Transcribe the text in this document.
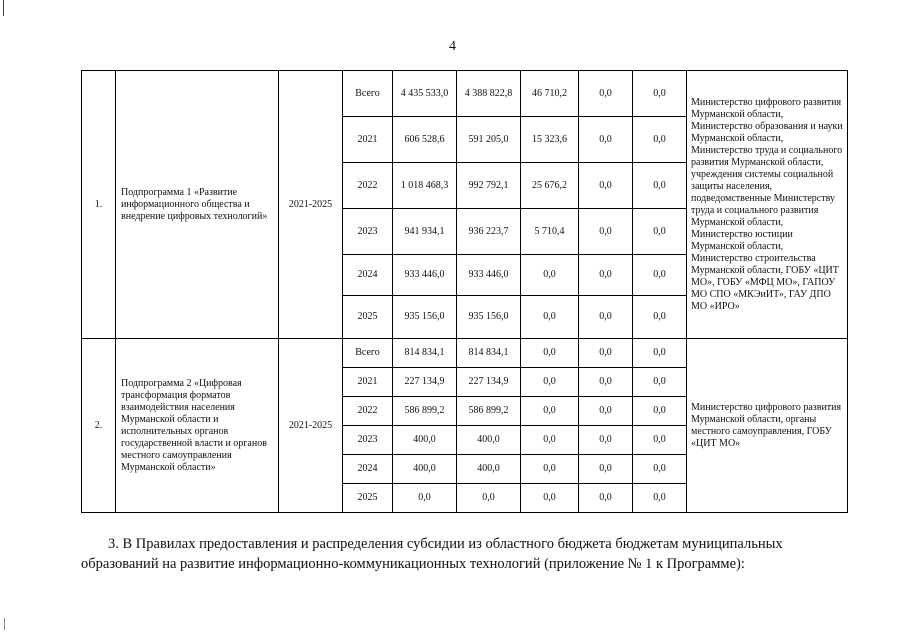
4
1.	Подпрограмма 1 «Развитие информационного общества и внедрение цифровых технологий»	2021-2025	Всего	4 435 533,0	4 388 822,8	46 710,2	0,0	0,0	Министерство цифрового развития Мурманской области, Министерство образования и науки Мурманской области, Министерство труда и социального развития Мурманской области, учреждения системы социальной защиты населения, подведомственные Министерству труда и социального развития Мурманской области, Министерство юстиции Мурманской области, Министерство строительства Мурманской области, ГОБУ «ЦИТ МО», ГОБУ «МФЦ МО», ГАПОУ МО СПО «МКЭиИТ», ГАУ ДПО МО «ИРО»
			2021	606 528,6	591 205,0	15 323,6	0,0	0,0	
			2022	1 018 468,3	992 792,1	25 676,2	0,0	0,0	
			2023	941 934,1	936 223,7	5 710,4	0,0	0,0	
			2024	933 446,0	933 446,0	0,0	0,0	0,0	
			2025	935 156,0	935 156,0	0,0	0,0	0,0	
2.	Подпрограмма 2 «Цифровая трансформация форматов взаимодействия населения Мурманской области и исполнительных органов государственной власти и органов местного самоуправления Мурманской области»	2021-2025	Всего	814 834,1	814 834,1	0,0	0,0	0,0	Министерство цифрового развития Мурманской области, органы местного самоуправления, ГОБУ «ЦИТ МО»
			2021	227 134,9	227 134,9	0,0	0,0	0,0	
			2022	586 899,2	586 899,2	0,0	0,0	0,0	
			2023	400,0	400,0	0,0	0,0	0,0	
			2024	400,0	400,0	0,0	0,0	0,0	
			2025	0,0	0,0	0,0	0,0	0,0	
3. В Правилах предоставления и распределения субсидии из областного бюджета бюджетам муниципальных
образований на развитие информационно-коммуникационных технологий (приложение № 1 к Программе):
